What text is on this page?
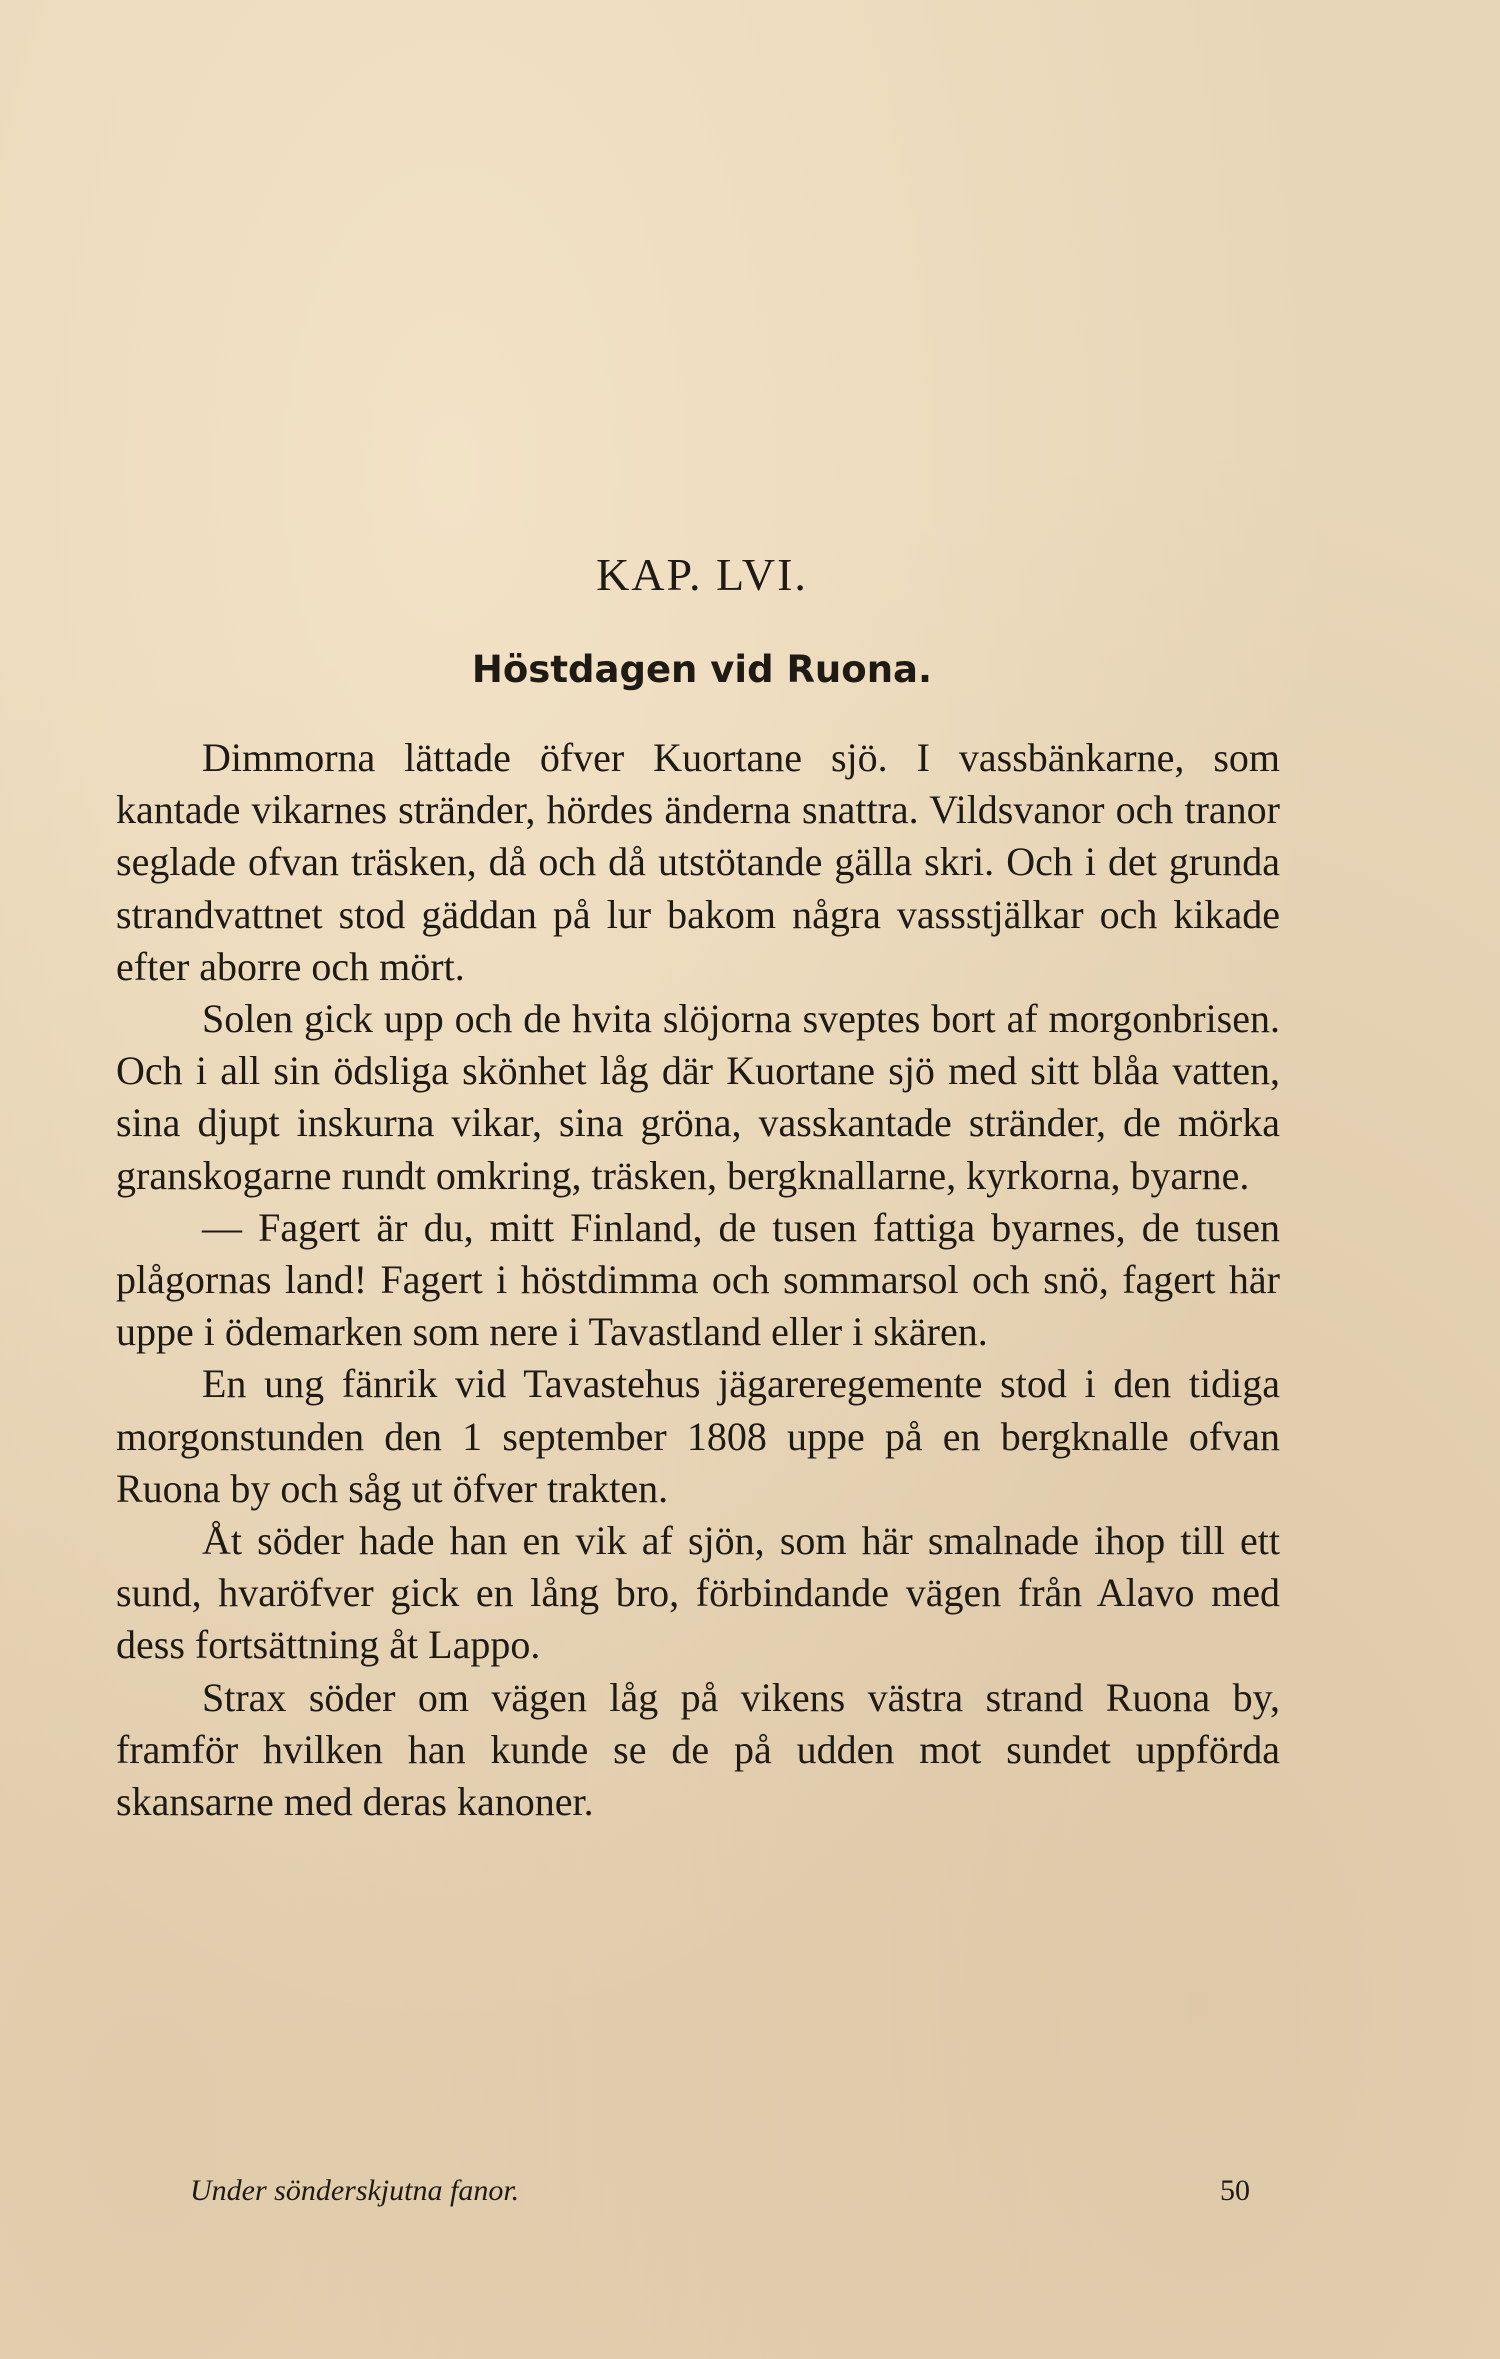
KAP. LVI.
Höstdagen vid Ruona.

Dimmorna lättade öfver Kuortane sjö. I vassbänkarne, som kantade vikarnes stränder, hördes änderna snattra. Vildsvanor och tranor seglade ofvan träsken, då och då utstötande gälla skri. Och i det grunda strandvattnet stod gäddan på lur bakom några vassstjälkar och kikade efter aborre och mört.

Solen gick upp och de hvita slöjorna sveptes bort af morgonbrisen. Och i all sin ödsliga skönhet låg där Kuortane sjö med sitt blåa vatten, sina djupt inskurna vikar, sina gröna, vasskantade stränder, de mörka granskogarne rundt omkring, träsken, bergknallarne, kyrkorna, byarne.

— Fagert är du, mitt Finland, de tusen fattiga byarnes, de tusen plågornas land! Fagert i höstdimma och sommarsol och snö, fagert här uppe i ödemarken som nere i Tavastland eller i skären.

En ung fänrik vid Tavastehus jägareregemente stod i den tidiga morgonstunden den 1 september 1808 uppe på en bergknalle ofvan Ruona by och såg ut öfver trakten.

Åt söder hade han en vik af sjön, som här smalnade ihop till ett sund, hvaröfver gick en lång bro, förbindande vägen från Alavo med dess fortsättning åt Lappo.

Strax söder om vägen låg på vikens västra strand Ruona by, framför hvilken han kunde se de på udden mot sundet uppförda skansarne med deras kanoner.

Under sönderskjutna fanor.	50
